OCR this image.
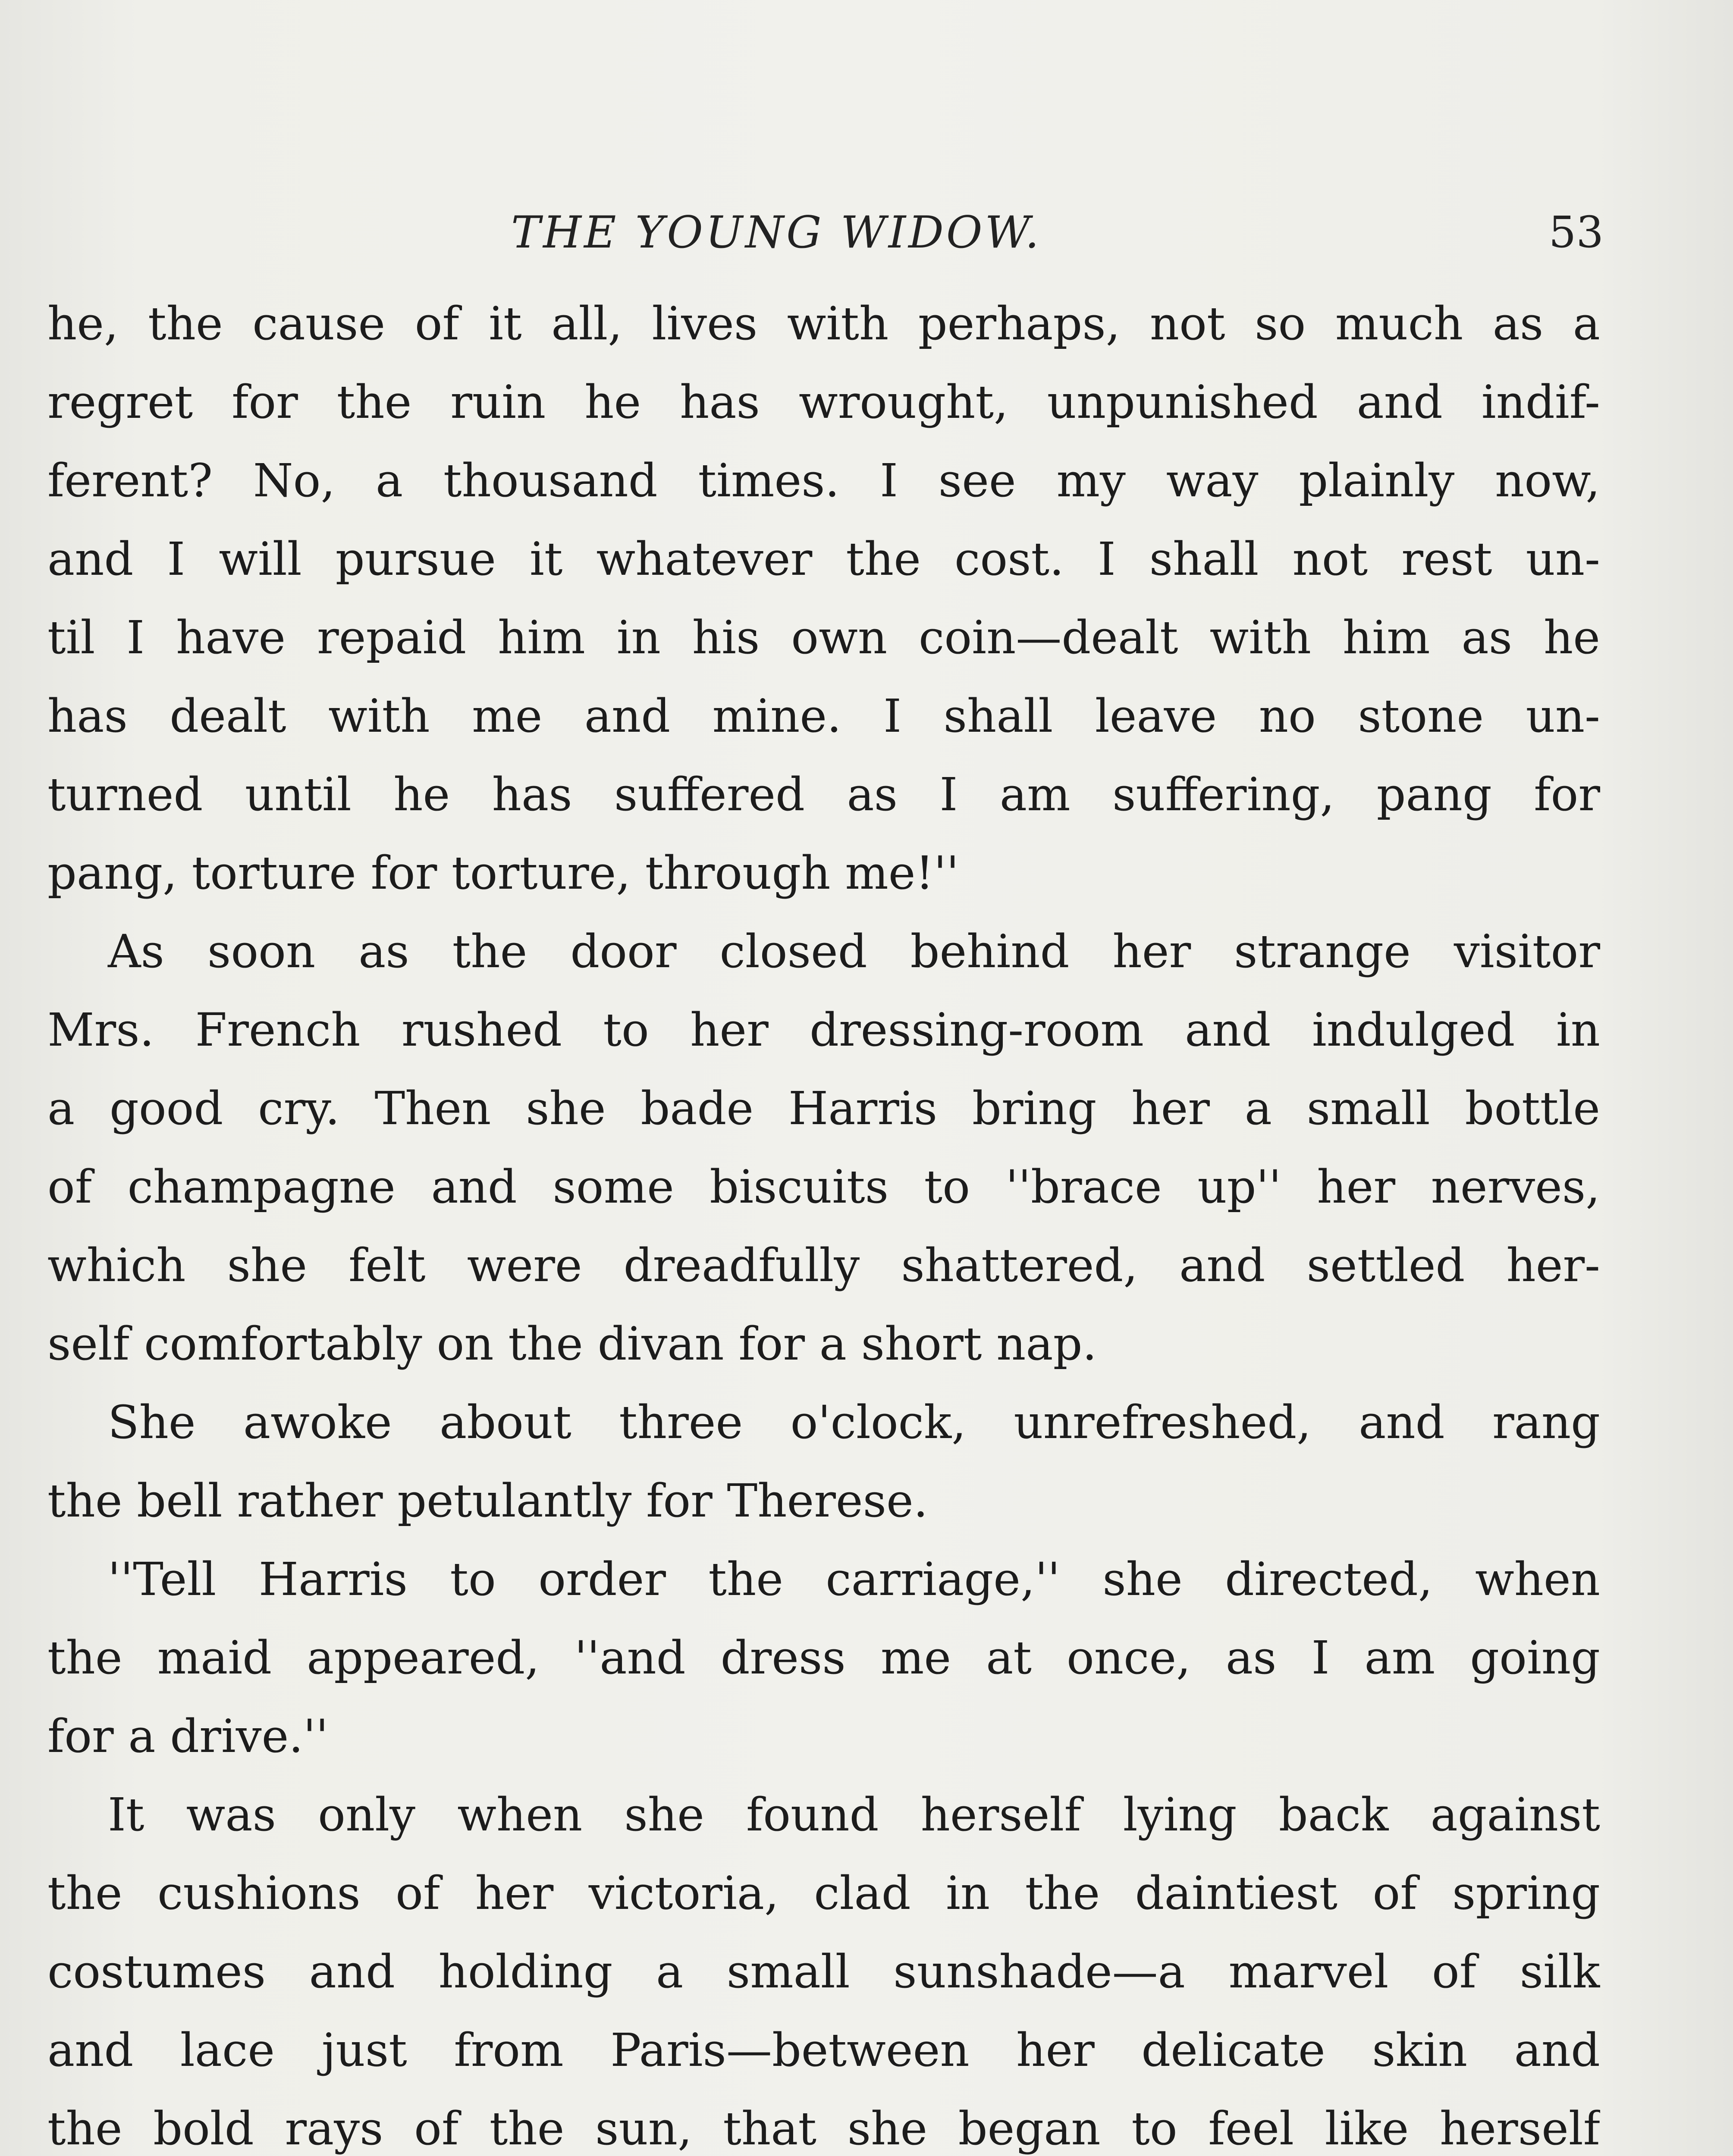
THE YOUNG WIDOW.	53
he, the cause of it all, lives with perhaps, not so much as a
regret for the ruin he has wrought, unpunished and indif-
ferent? No, a thousand times. I see my way plainly now,
and I will pursue it whatever the cost. I shall not rest un-
til I have repaid him in his own coin—dealt with him as he
has dealt with me and mine. I shall leave no stone un-
turned until he has suffered as I am suffering, pang for
pang, torture for torture, through me!''
As soon as the door closed behind her strange visitor
Mrs. French rushed to her dressing-room and indulged in
a good cry. Then she bade Harris bring her a small bottle
of champagne and some biscuits to ''brace up'' her nerves,
which she felt were dreadfully shattered, and settled her-
self comfortably on the divan for a short nap.
She awoke about three o'clock, unrefreshed, and rang
the bell rather petulantly for Therese.
''Tell Harris to order the carriage,'' she directed, when
the maid appeared, ''and dress me at once, as I am going
for a drive.''
It was only when she found herself lying back against
the cushions of her victoria, clad in the daintiest of spring
costumes and holding a small sunshade—a marvel of silk
and lace just from Paris—between her delicate skin and
the bold rays of the sun, that she began to feel like herself
